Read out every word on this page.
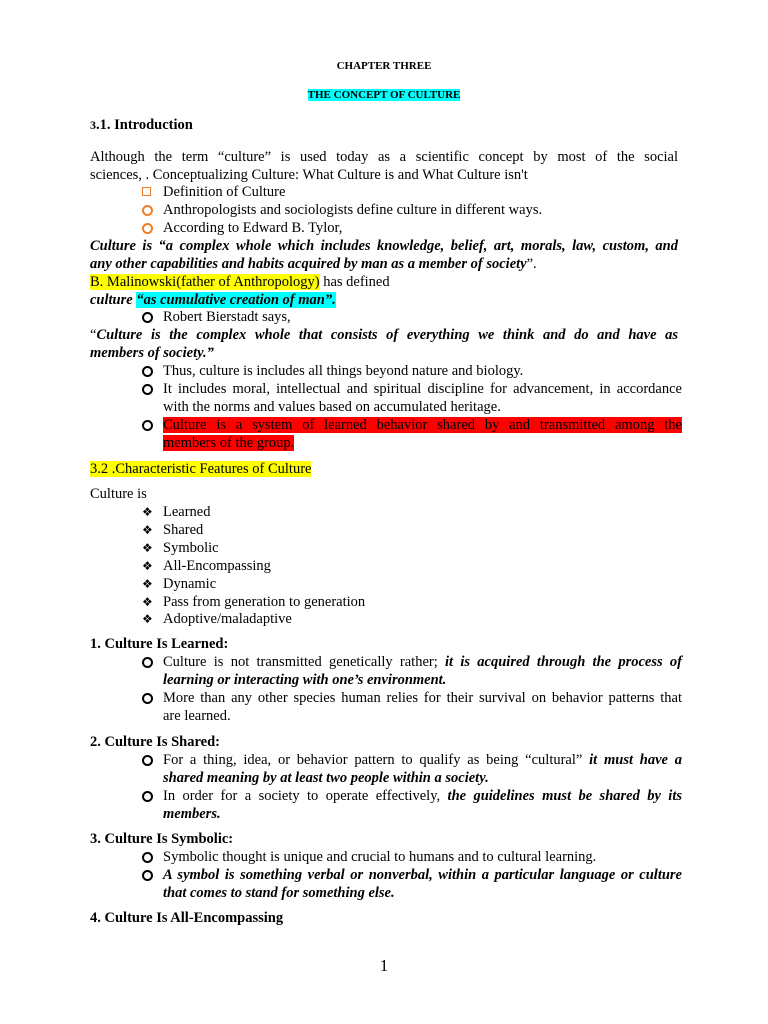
CHAPTER THREE
THE CONCEPT OF CULTURE
3.1. Introduction
Although the term “culture” is used today as a scientific concept by most of the social
sciences, . Conceptualizing Culture: What Culture is and What Culture isn't
Definition of Culture
Anthropologists and sociologists define culture in different ways.
According to Edward B. Tylor,
Culture is “a complex whole which includes knowledge, belief, art, morals, law, custom, and
any other capabilities and habits acquired by man as a member of society”.
B. Malinowski(father of Anthropology) has defined
culture “as cumulative creation of man”.
Robert Bierstadt says,
“Culture is the complex whole that consists of everything we think and do and have as
members of society.”
Thus, culture is includes all things beyond nature and biology.
It includes moral, intellectual and spiritual discipline for advancement, in accordance
with the norms and values based on accumulated heritage.
Culture is a system of learned behavior shared by and transmitted among the
members of the group.
3.2 .Characteristic Features of Culture
Culture is
❖ Learned
❖ Shared
❖ Symbolic
❖ All-Encompassing
❖ Dynamic
❖ Pass from generation to generation
❖ Adoptive/maladaptive
1. Culture Is Learned:
Culture is not transmitted genetically rather; it is acquired through the process of
learning or interacting with one’s environment.
More than any other species human relies for their survival on behavior patterns that
are learned.
2. Culture Is Shared:
For a thing, idea, or behavior pattern to qualify as being “cultural” it must have a
shared meaning by at least two people within a society.
In order for a society to operate effectively, the guidelines must be shared by its
members.
3. Culture Is Symbolic:
Symbolic thought is unique and crucial to humans and to cultural learning.
A symbol is something verbal or nonverbal, within a particular language or culture
that comes to stand for something else.
4. Culture Is All-Encompassing
1
